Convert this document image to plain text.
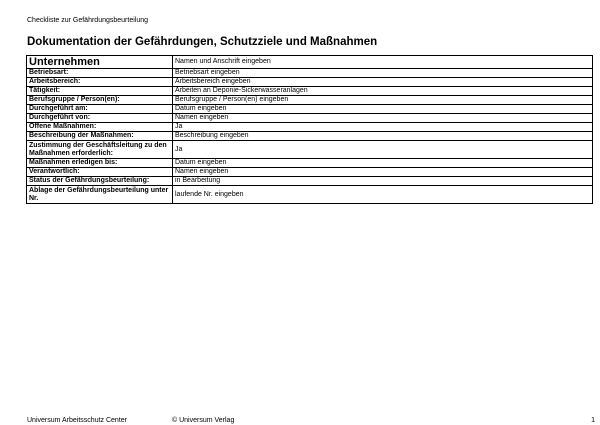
Checkliste zur Gefährdungsbeurteilung
Dokumentation der Gefährdungen, Schutzziele und Maßnahmen
Unternehmen	Namen und Anschrift eingeben
Betriebsart:	Betriebsart eingeben
Arbeitsbereich:	Arbeitsbereich eingeben
Tätigkeit:	Arbeiten an Deponie-Sickerwasseranlagen
Berufsgruppe / Person(en):	Berufsgruppe / Person(en) eingeben
Durchgeführt am:	Datum eingeben
Durchgeführt von:	Namen eingeben
Offene Maßnahmen:	Ja
Beschreibung der Maßnahmen:	Beschreibung eingeben
Zustimmung der Geschäftsleitung zu den Maßnahmen erforderlich:	Ja
Maßnahmen erledigen bis:	Datum eingeben
Verantwortlich:	Namen eingeben
Status der Gefährdungsbeurteilung:	in Bearbeitung
Ablage der Gefährdungsbeurteilung unter Nr.	laufende Nr. eingeben
Universum Arbeitsschutz Center	© Universum Verlag	1
